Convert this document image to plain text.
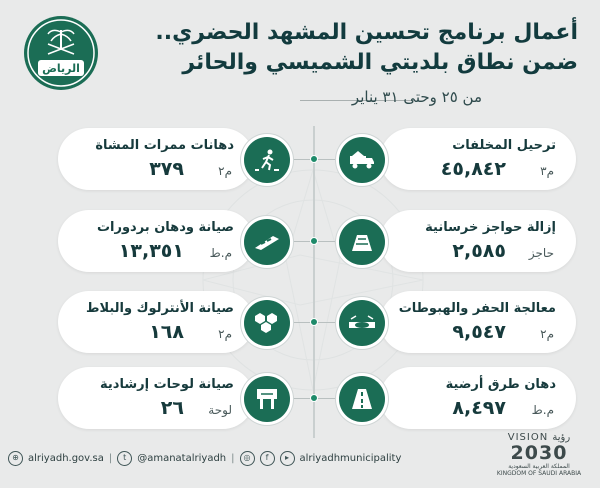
الرياض
أعمال برنامج تحسين المشهد الحضري..
ضمن نطاق بلديتي الشميسي والحائر
من ٢٥ وحتى ٣١ يناير
ترحيل المخلفات
٤٥,٨٤٢	م٣
إزالة حواجز خرسانية
٢,٥٨٥ حاجز
معالجة الحفر والهبوطات
٩,٥٤٧	م٢
دهان طرق أرضية
٨,٤٩٧ م.ط
دهانات ممرات المشاة
٣٧٩	م٢
صيانة ودهان بردورات
١٣,٣٥١ م.ط
صيانة الأنترلوك والبلاط
١٦٨	م٢
صيانة لوحات إرشادية
٢٦ لوحة
⊕ alriyadh.gov.sa |	t	@amanatalriyadh |	◎	f	▸	alriyadhmunicipality
VISION رؤية
2030
المملكة العربية السعودية
KINGDOM OF SAUDI ARABIA
